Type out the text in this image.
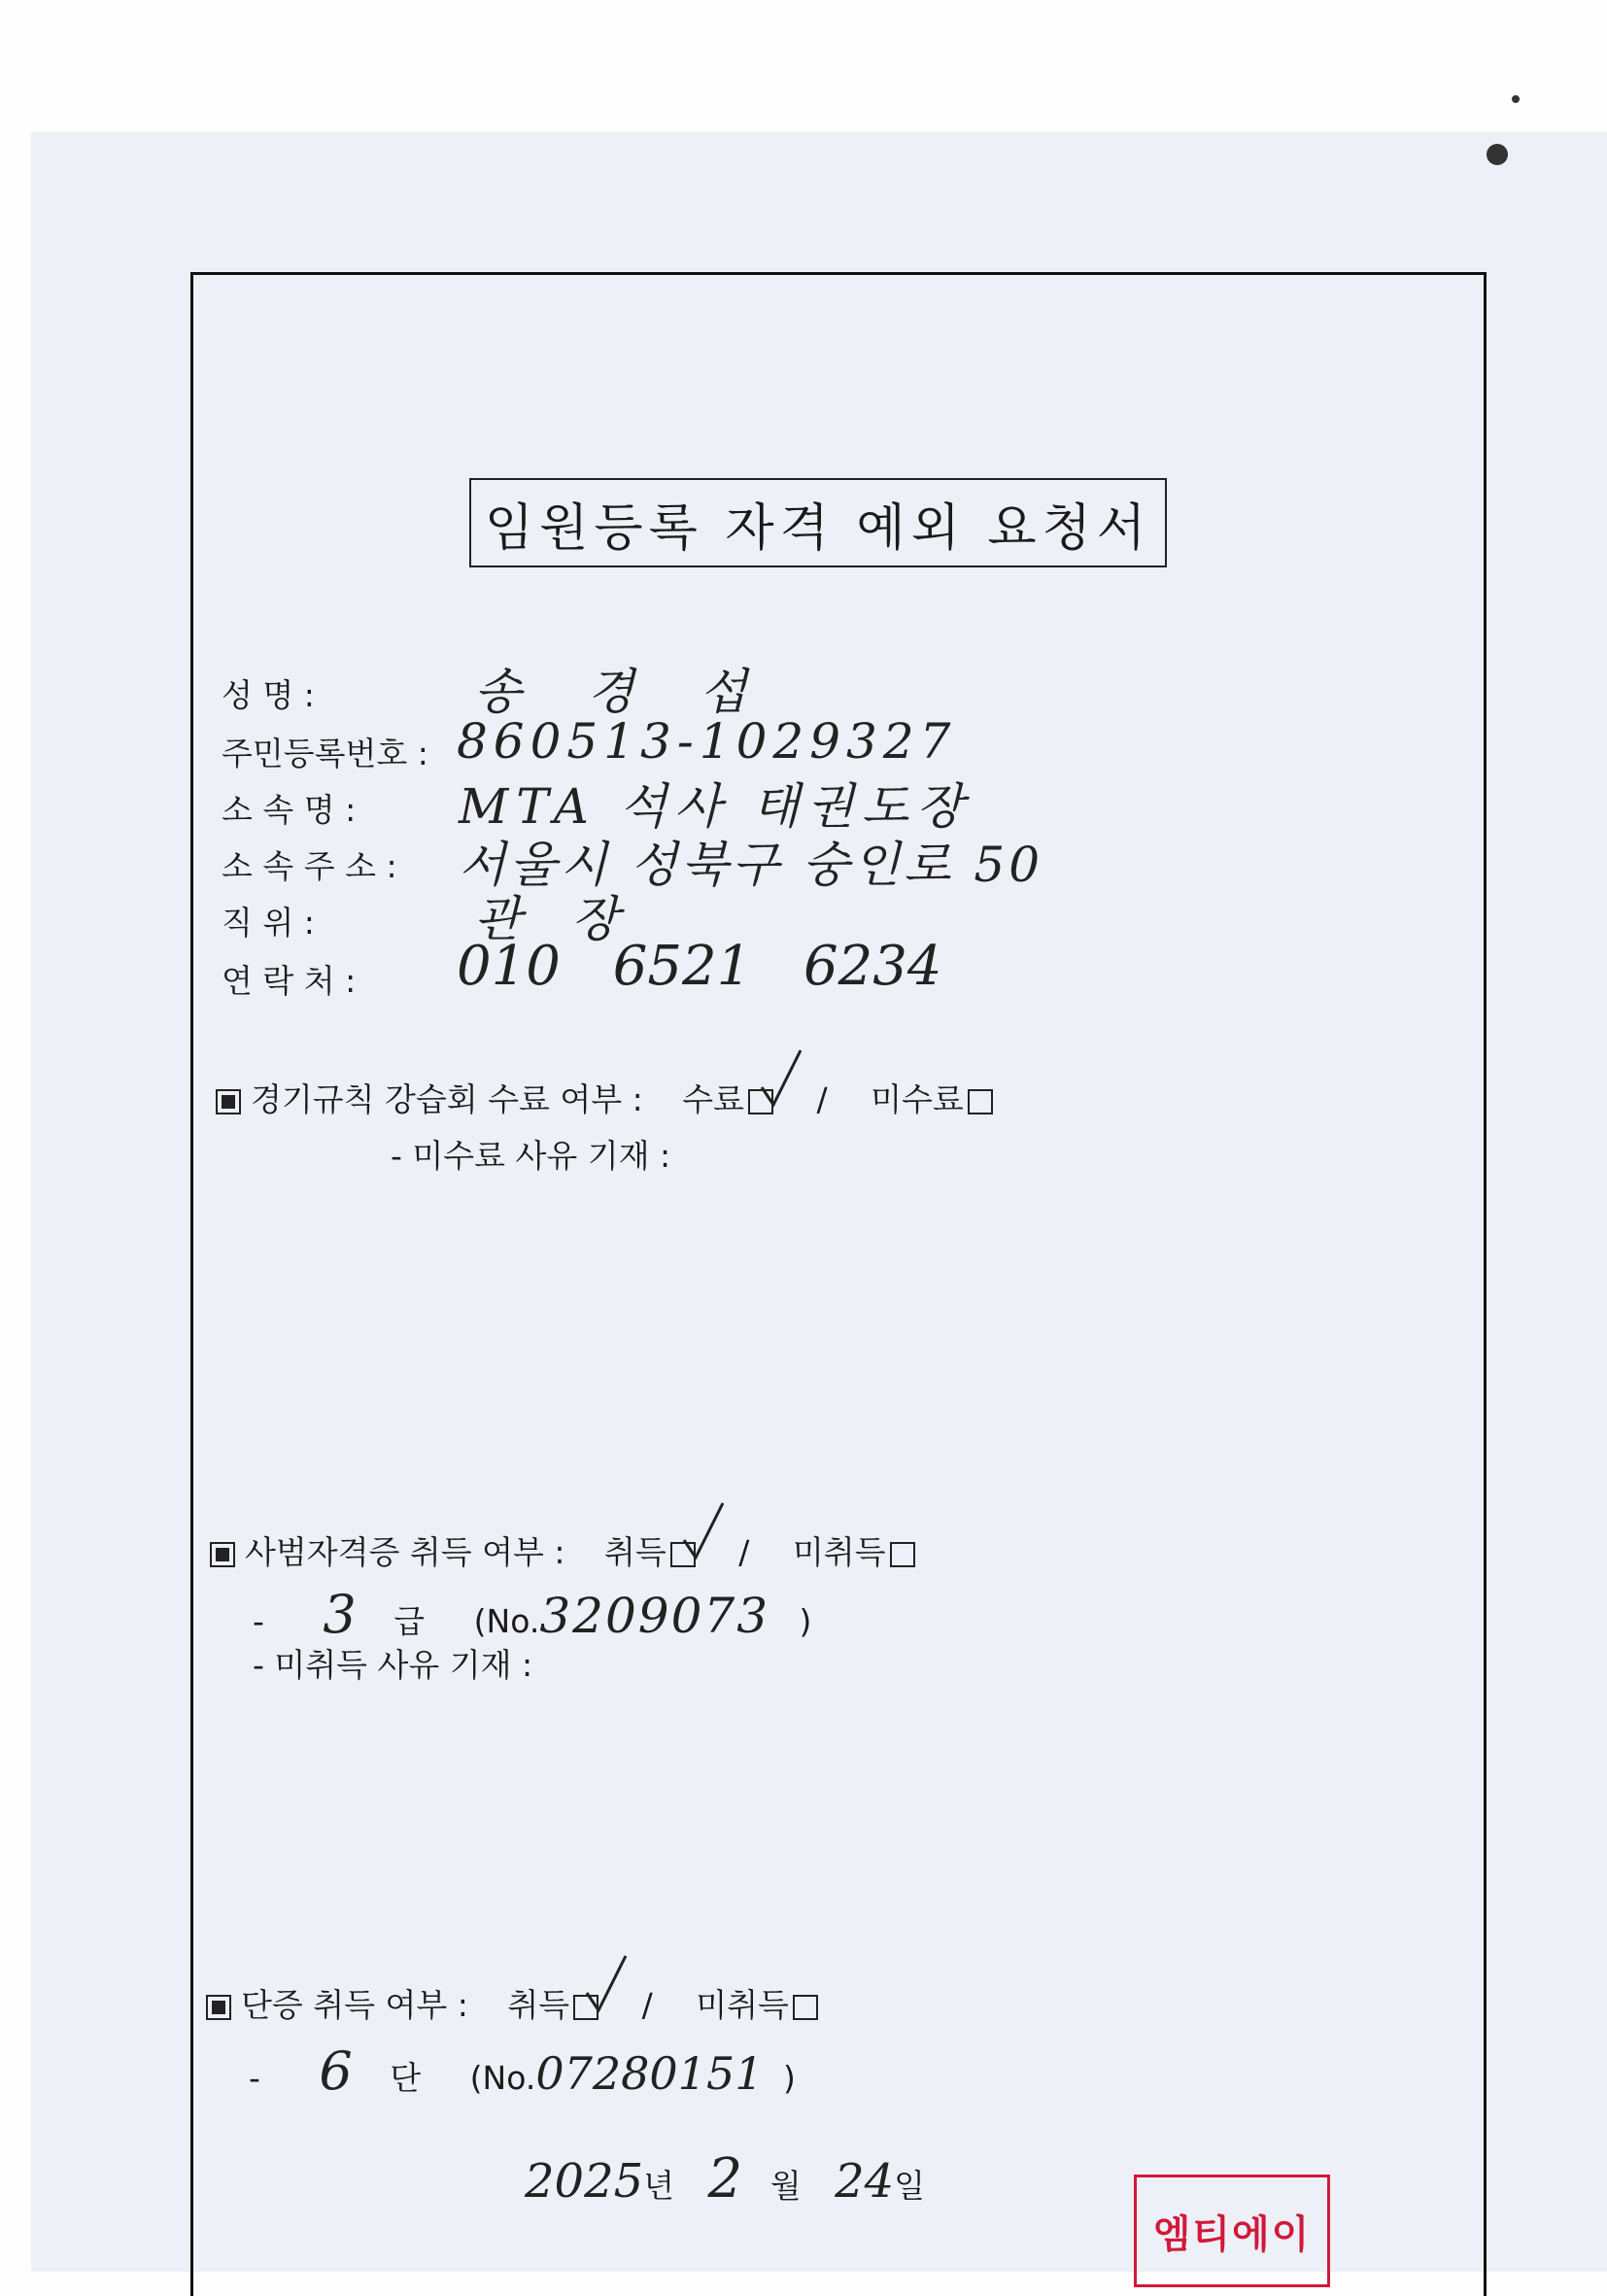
임원등록 자격 예외 요청서
성 명 :	송 경 섭
주민등록번호 : 860513-1029327
소 속 명 : MTA 석사 태권도장
소 속 주 소 : 서울시 성북구 숭인로 50
직 위 :	관 장
연 락 처 : 010 6521 6234
경기규칙 강습회 수료 여부 : 수료 / 미수료
- 미수료 사유 기재 :
사범자격증 취득 여부 : 취득 / 미취득
- 3 급 (No.3209073 )
- 미취득 사유 기재 :
단증 취득 여부 : 취득 / 미취득
- 6 단 (No.07280151 )
2025년 2 월 24일
엠티에이
